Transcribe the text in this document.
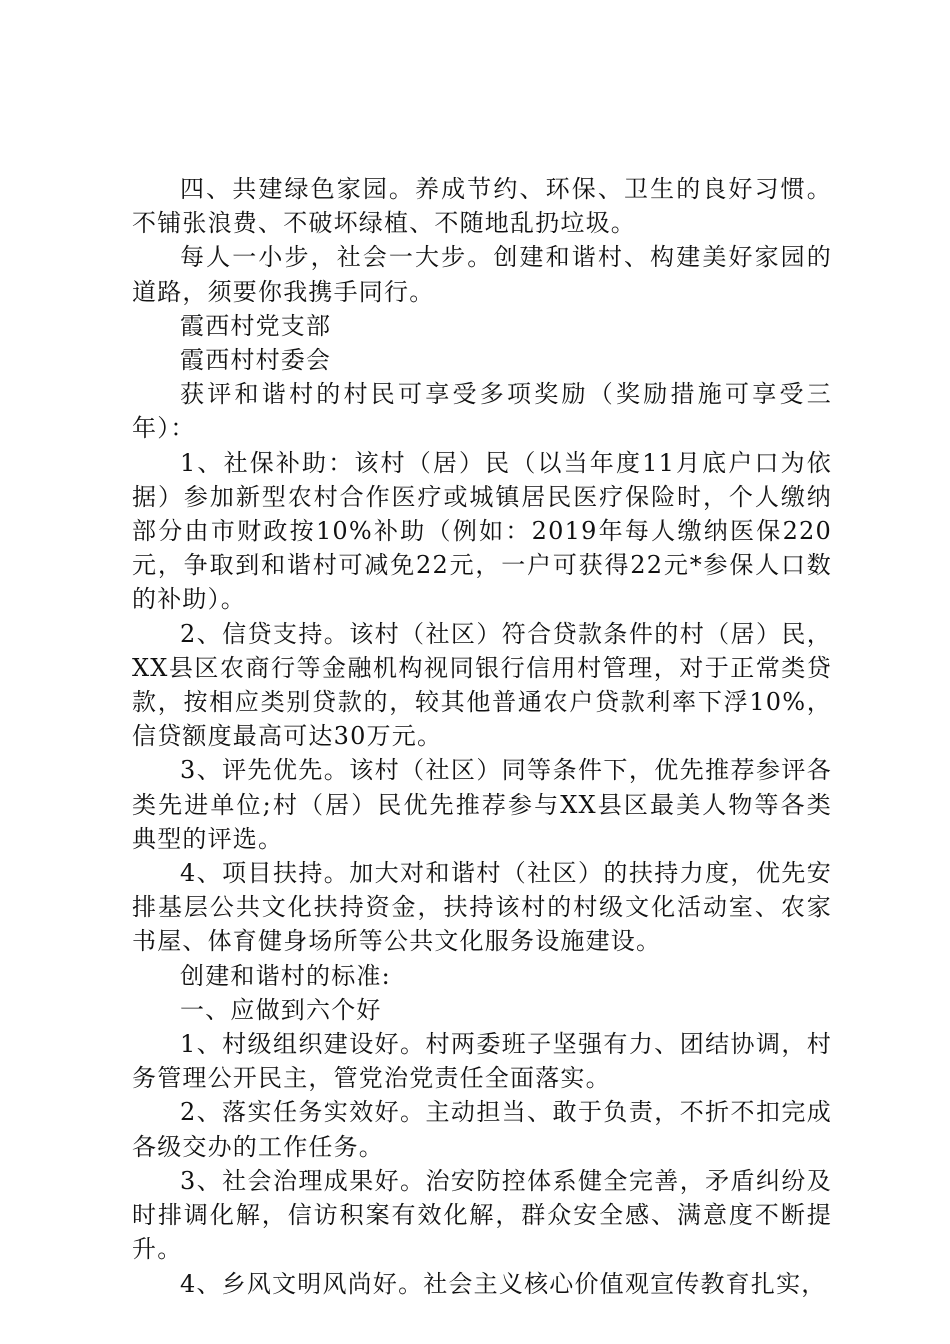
四、共建绿色家园。养成节约、环保、卫生的良好习惯。不铺张浪费、不破坏绿植、不随地乱扔垃圾。

每人一小步，社会一大步。创建和谐村、构建美好家园的道路，须要你我携手同行。

霞西村党支部

霞西村村委会

获评和谐村的村民可享受多项奖励（奖励措施可享受三年）：

1、社保补助：该村（居）民（以当年度11月底户口为依据）参加新型农村合作医疗或城镇居民医疗保险时，个人缴纳部分由市财政按10%补助（例如：2019年每人缴纳医保220元，争取到和谐村可减免22元，一户可获得22元*参保人口数的补助）。

2、信贷支持。该村（社区）符合贷款条件的村（居）民，XX县区农商行等金融机构视同银行信用村管理，对于正常类贷款，按相应类别贷款的，较其他普通农户贷款利率下浮10%，信贷额度最高可达30万元。

3、评先优先。该村（社区）同等条件下，优先推荐参评各类先进单位;村（居）民优先推荐参与XX县区最美人物等各类典型的评选。

4、项目扶持。加大对和谐村（社区）的扶持力度，优先安排基层公共文化扶持资金，扶持该村的村级文化活动室、农家书屋、体育健身场所等公共文化服务设施建设。

创建和谐村的标准:

一、应做到六个好

1、村级组织建设好。村两委班子坚强有力、团结协调，村务管理公开民主，管党治党责任全面落实。

2、落实任务实效好。主动担当、敢于负责，不折不扣完成各级交办的工作任务。

3、社会治理成果好。治安防控体系健全完善，矛盾纠纷及时排调化解，信访积案有效化解，群众安全感、满意度不断提升。

4、乡风文明风尚好。社会主义核心价值观宣传教育扎实，
